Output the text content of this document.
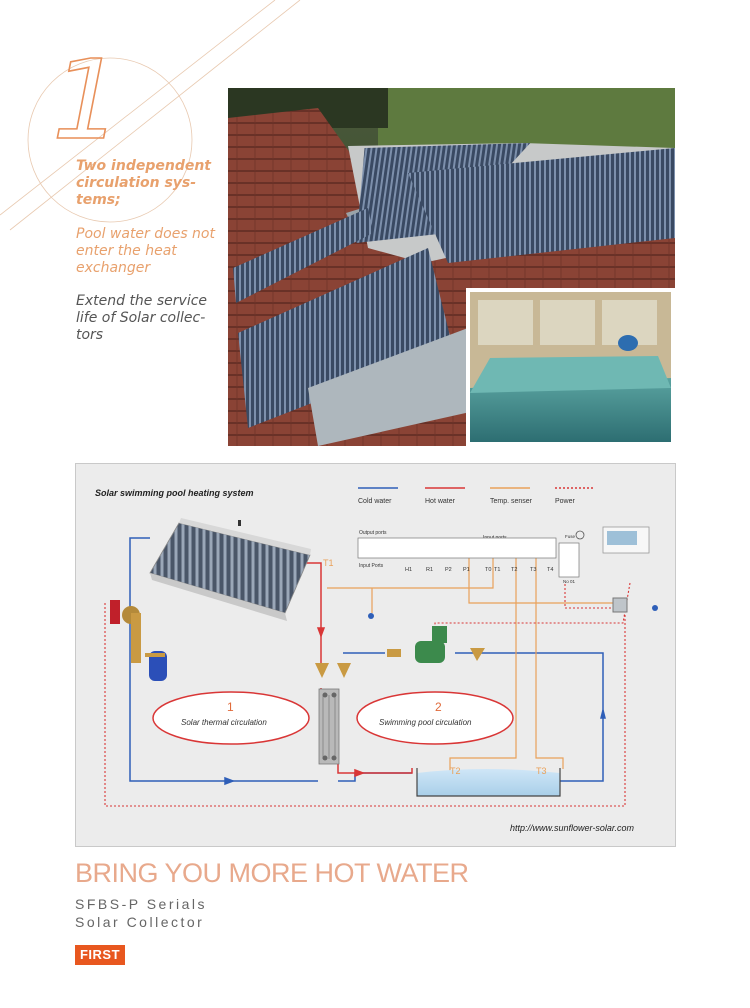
1
Two independent circulation sys-tems;
Pool water does not enter the heat exchanger
Extend the service life of Solar collec-tors
Solar swimming pool heating system
Cold water	Hot water	Temp. senser	Power
1
Solar thermal circulation
2
Swimming pool circulation
T1
T2	T3
Output ports
Input Ports
H1	R1 P2 P1	T0 T1 T2 T3 T4
Fuse
No 01
http://www.sunflower-solar.com
BRING YOU MORE HOT WATER
SFBS-P Serials
Solar Collector
FIRST
